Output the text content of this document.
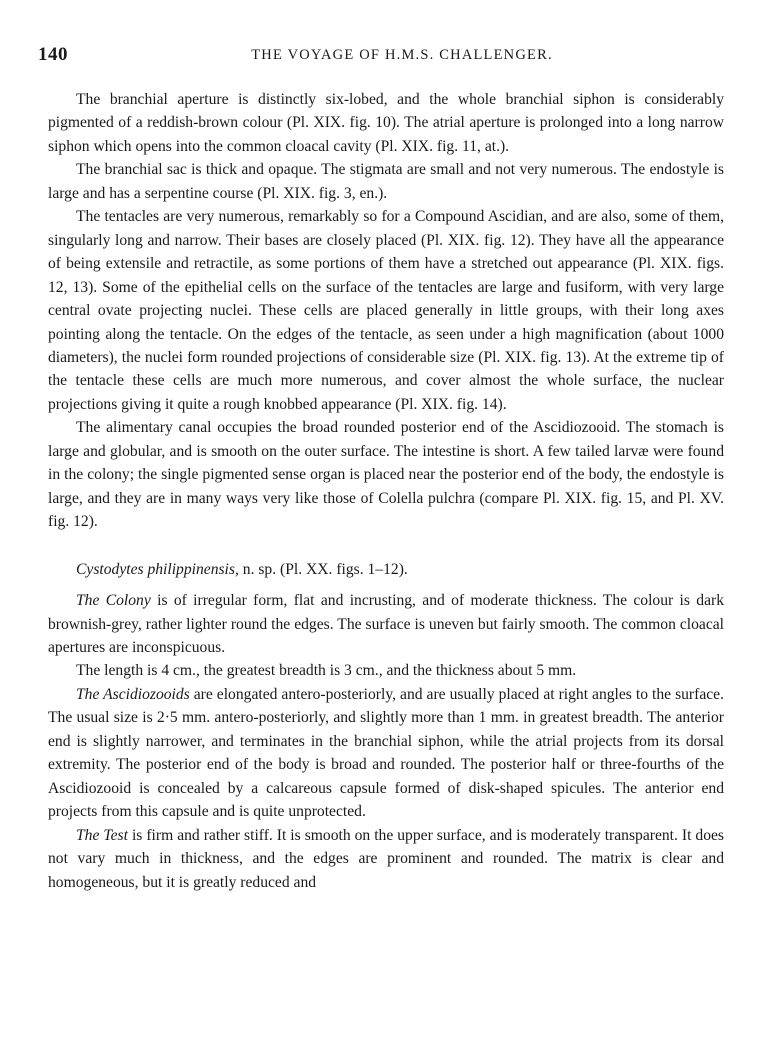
140	THE VOYAGE OF H.M.S. CHALLENGER.

The branchial aperture is distinctly six-lobed, and the whole branchial siphon is considerably pigmented of a reddish-brown colour (Pl. XIX. fig. 10). The atrial aperture is prolonged into a long narrow siphon which opens into the common cloacal cavity (Pl. XIX. fig. 11, at.).

The branchial sac is thick and opaque. The stigmata are small and not very numerous. The endostyle is large and has a serpentine course (Pl. XIX. fig. 3, en.).

The tentacles are very numerous, remarkably so for a Compound Ascidian, and are also, some of them, singularly long and narrow. Their bases are closely placed (Pl. XIX. fig. 12). They have all the appearance of being extensile and retractile, as some portions of them have a stretched out appearance (Pl. XIX. figs. 12, 13). Some of the epithelial cells on the surface of the tentacles are large and fusiform, with very large central ovate projecting nuclei. These cells are placed generally in little groups, with their long axes pointing along the tentacle. On the edges of the tentacle, as seen under a high magnification (about 1000 diameters), the nuclei form rounded projections of considerable size (Pl. XIX. fig. 13). At the extreme tip of the tentacle these cells are much more numerous, and cover almost the whole surface, the nuclear projections giving it quite a rough knobbed appearance (Pl. XIX. fig. 14).

The alimentary canal occupies the broad rounded posterior end of the Ascidiozooid. The stomach is large and globular, and is smooth on the outer surface. The intestine is short. A few tailed larvæ were found in the colony; the single pigmented sense organ is placed near the posterior end of the body, the endostyle is large, and they are in many ways very like those of Colella pulchra (compare Pl. XIX. fig. 15, and Pl. XV. fig. 12).

Cystodytes philippinensis, n. sp. (Pl. XX. figs. 1–12).

The Colony is of irregular form, flat and incrusting, and of moderate thickness. The colour is dark brownish-grey, rather lighter round the edges. The surface is uneven but fairly smooth. The common cloacal apertures are inconspicuous.

The length is 4 cm., the greatest breadth is 3 cm., and the thickness about 5 mm.

The Ascidiozooids are elongated antero-posteriorly, and are usually placed at right angles to the surface. The usual size is 2·5 mm. antero-posteriorly, and slightly more than 1 mm. in greatest breadth. The anterior end is slightly narrower, and terminates in the branchial siphon, while the atrial projects from its dorsal extremity. The posterior end of the body is broad and rounded. The posterior half or three-fourths of the Ascidiozooid is concealed by a calcareous capsule formed of disk-shaped spicules. The anterior end projects from this capsule and is quite unprotected.

The Test is firm and rather stiff. It is smooth on the upper surface, and is moderately transparent. It does not vary much in thickness, and the edges are prominent and rounded. The matrix is clear and homogeneous, but it is greatly reduced and
